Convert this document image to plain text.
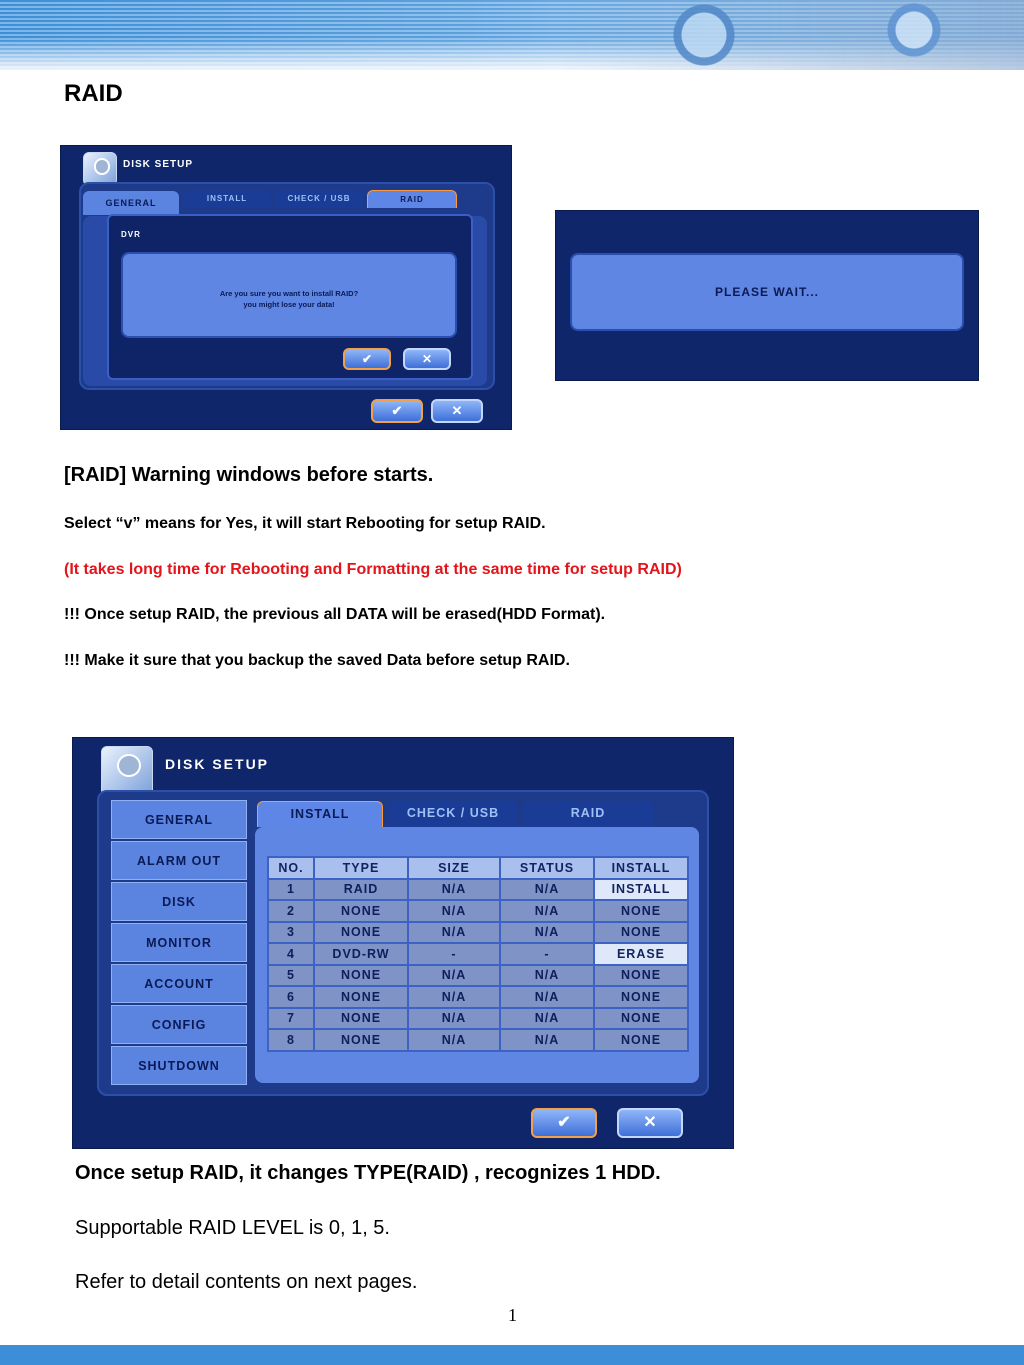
RAID
DISK SETUP
GENERAL	INSTALL	CHECK / USB	RAID
DVR
Are you sure you want to install RAID?
you might lose your data!
✔	✕
✔	✕
PLEASE WAIT...
[RAID] Warning windows before starts.
Select “v” means for Yes, it will start Rebooting for setup RAID.
(It takes long time for Rebooting and Formatting at the same time for setup RAID)
!!! Once setup RAID, the previous all DATA will be erased(HDD Format).
!!! Make it sure that you backup the saved Data before setup RAID.
DISK SETUP
GENERAL
ALARM OUT
DISK
MONITOR
ACCOUNT
CONFIG
SHUTDOWN
INSTALL	CHECK / USB	RAID
NO.	TYPE	SIZE	STATUS	INSTALL
1	RAID	N/A	N/A	INSTALL
2	NONE	N/A	N/A	NONE
3	NONE	N/A	N/A	NONE
4	DVD-RW	-	-	ERASE
5	NONE	N/A	N/A	NONE
6	NONE	N/A	N/A	NONE
7	NONE	N/A	N/A	NONE
8	NONE	N/A	N/A	NONE
✔	✕
Once setup RAID, it changes TYPE(RAID) , recognizes 1 HDD.
Supportable RAID LEVEL is 0, 1, 5.
Refer to detail contents on next pages.
1
